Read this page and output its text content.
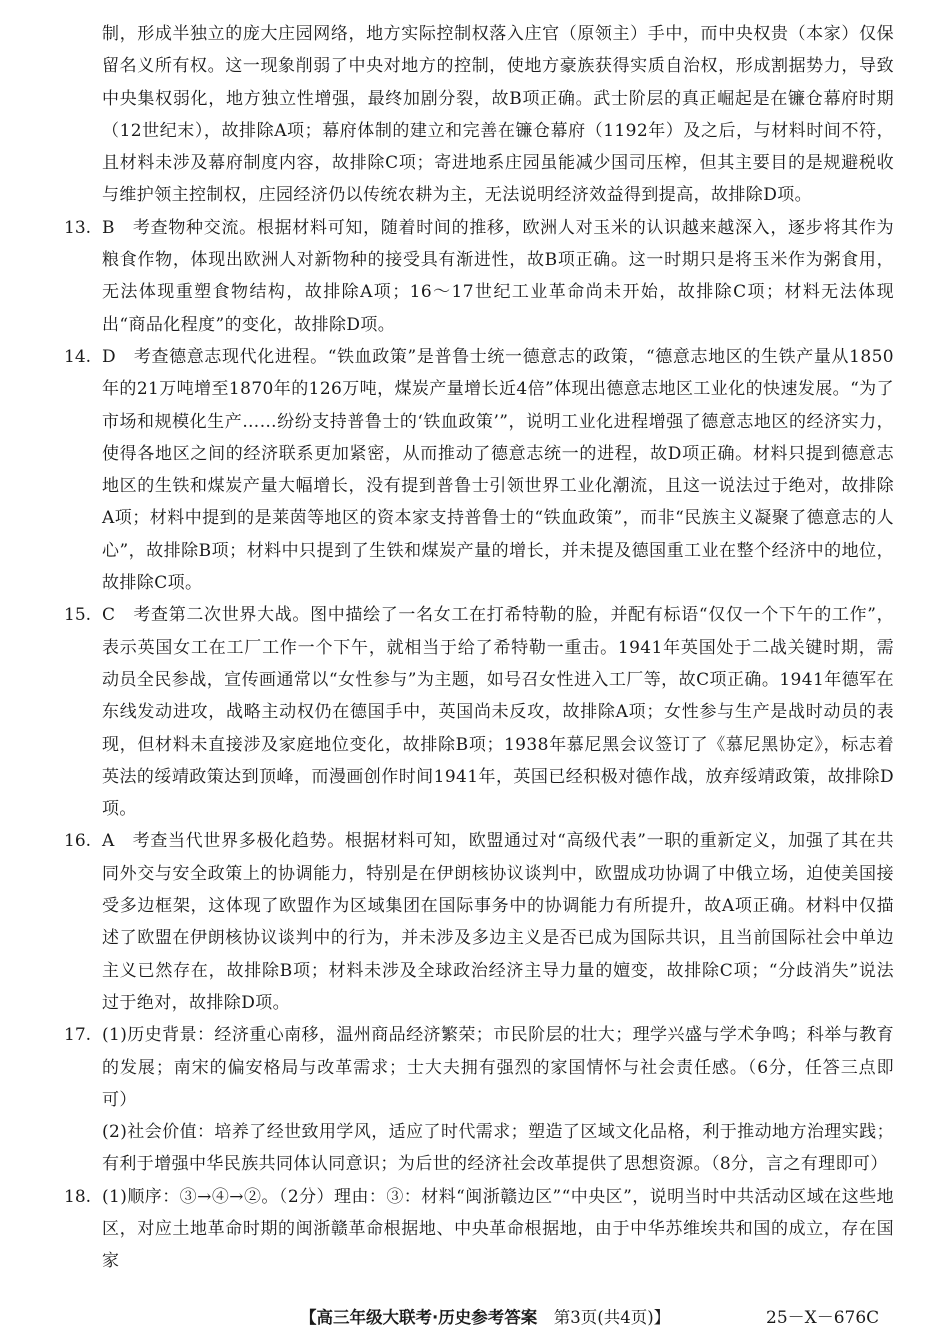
制，形成半独立的庞大庄园网络，地方实际控制权落入庄官（原领主）手中，而中央权贵（本家）仅保留名义所有权。这一现象削弱了中央对地方的控制，使地方豪族获得实质自治权，形成割据势力，导致中央集权弱化，地方独立性增强，最终加剧分裂，故B项正确。武士阶层的真正崛起是在镰仓幕府时期（12世纪末），故排除A项；幕府体制的建立和完善在镰仓幕府（1192年）及之后，与材料时间不符，且材料未涉及幕府制度内容，故排除C项；寄进地系庄园虽能减少国司压榨，但其主要目的是规避税收与维护领主控制权，庄园经济仍以传统农耕为主，无法说明经济效益得到提高，故排除D项。

13. B　 考查物种交流。根据材料可知，随着时间的推移，欧洲人对玉米的认识越来越深入，逐步将其作为粮食作物，体现出欧洲人对新物种的接受具有渐进性，故B项正确。这一时期只是将玉米作为粥食用，无法体现重塑食物结构，故排除A项；16～17世纪工业革命尚未开始，故排除C项；材料无法体现出“商品化程度”的变化，故排除D项。

14. D　 考查德意志现代化进程。“铁血政策”是普鲁士统一德意志的政策，“德意志地区的生铁产量从1850年的21万吨增至1870年的126万吨，煤炭产量增长近4倍”体现出德意志地区工业化的快速发展。“为了市场和规模化生产……纷纷支持普鲁士的‘铁血政策’”，说明工业化进程增强了德意志地区的经济实力，使得各地区之间的经济联系更加紧密，从而推动了德意志统一的进程，故D项正确。材料只提到德意志地区的生铁和煤炭产量大幅增长，没有提到普鲁士引领世界工业化潮流，且这一说法过于绝对，故排除A项；材料中提到的是莱茵等地区的资本家支持普鲁士的“铁血政策”，而非“民族主义凝聚了德意志的人心”，故排除B项；材料中只提到了生铁和煤炭产量的增长，并未提及德国重工业在整个经济中的地位，故排除C项。

15. C　 考查第二次世界大战。图中描绘了一名女工在打希特勒的脸，并配有标语“仅仅一个下午的工作”，表示英国女工在工厂工作一个下午，就相当于给了希特勒一重击。1941年英国处于二战关键时期，需动员全民参战，宣传画通常以“女性参与”为主题，如号召女性进入工厂等，故C项正确。1941年德军在东线发动进攻，战略主动权仍在德国手中，英国尚未反攻，故排除A项；女性参与生产是战时动员的表现，但材料未直接涉及家庭地位变化，故排除B项；1938年慕尼黑会议签订了《慕尼黑协定》，标志着英法的绥靖政策达到顶峰，而漫画创作时间1941年，英国已经积极对德作战，放弃绥靖政策，故排除D项。

16. A　 考查当代世界多极化趋势。根据材料可知，欧盟通过对“高级代表”一职的重新定义，加强了其在共同外交与安全政策上的协调能力，特别是在伊朗核协议谈判中，欧盟成功协调了中俄立场，迫使美国接受多边框架，这体现了欧盟作为区域集团在国际事务中的协调能力有所提升，故A项正确。材料中仅描述了欧盟在伊朗核协议谈判中的行为，并未涉及多边主义是否已成为国际共识，且当前国际社会中单边主义已然存在，故排除B项；材料未涉及全球政治经济主导力量的嬗变，故排除C项；“分歧消失”说法过于绝对，故排除D项。

17. (1)历史背景：经济重心南移，温州商品经济繁荣；市民阶层的壮大；理学兴盛与学术争鸣；科举与教育的发展；南宋的偏安格局与改革需求；士大夫拥有强烈的家国情怀与社会责任感。（6分，任答三点即可）

(2)社会价值：培养了经世致用学风，适应了时代需求；塑造了区域文化品格，利于推动地方治理实践；有利于增强中华民族共同体认同意识；为后世的经济社会改革提供了思想资源。（8分，言之有理即可）

18. (1)顺序：③→④→②。（2分）理由：③：材料“闽浙赣边区”“中央区”，说明当时中共活动区域在这些地区，对应土地革命时期的闽浙赣革命根据地、中央革命根据地，由于中华苏维埃共和国的成立，存在国家

【高三年级大联考·历史参考答案　 第3页(共4页)】	25－X－676C
